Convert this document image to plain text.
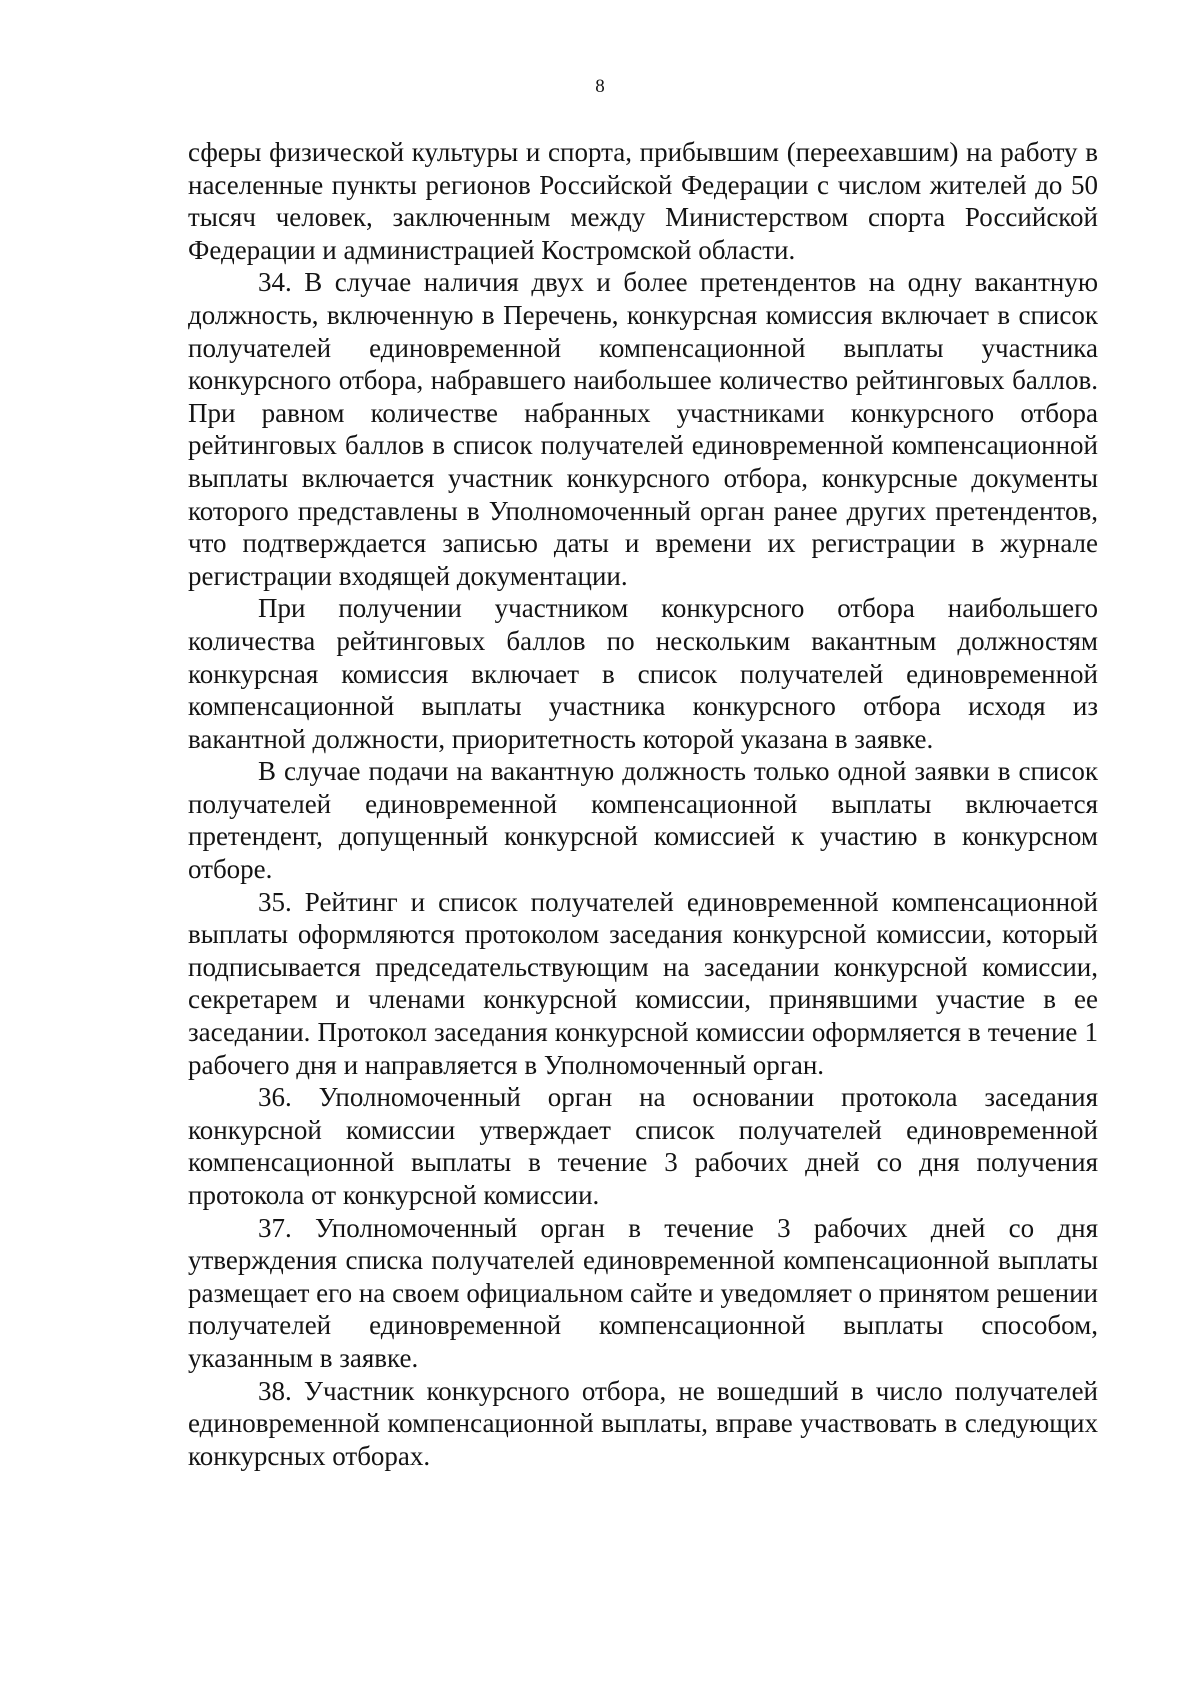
8

сферы физической культуры и спорта, прибывшим (переехавшим) на работу в населенные пункты регионов Российской Федерации с числом жителей до 50 тысяч человек, заключенным между Министерством спорта Российской Федерации и администрацией Костромской области.

34. В случае наличия двух и более претендентов на одну вакантную должность, включенную в Перечень, конкурсная комиссия включает в список получателей единовременной компенсационной выплаты участника конкурсного отбора, набравшего наибольшее количество рейтинговых баллов. При равном количестве набранных участниками конкурсного отбора рейтинговых баллов в список получателей единовременной компенсационной выплаты включается участник конкурсного отбора, конкурсные документы которого представлены в Уполномоченный орган ранее других претендентов, что подтверждается записью даты и времени их регистрации в журнале регистрации входящей документации.

При получении участником конкурсного отбора наибольшего количества рейтинговых баллов по нескольким вакантным должностям конкурсная комиссия включает в список получателей единовременной компенсационной выплаты участника конкурсного отбора исходя из вакантной должности, приоритетность которой указана в заявке.

В случае подачи на вакантную должность только одной заявки в список получателей единовременной компенсационной выплаты включается претендент, допущенный конкурсной комиссией к участию в конкурсном отборе.

35. Рейтинг и список получателей единовременной компенсационной выплаты оформляются протоколом заседания конкурсной комиссии, который подписывается председательствующим на заседании конкурсной комиссии, секретарем и членами конкурсной комиссии, принявшими участие в ее заседании. Протокол заседания конкурсной комиссии оформляется в течение 1 рабочего дня и направляется в Уполномоченный орган.

36. Уполномоченный орган на основании протокола заседания конкурсной комиссии утверждает список получателей единовременной компенсационной выплаты в течение 3 рабочих дней со дня получения протокола от конкурсной комиссии.

37. Уполномоченный орган в течение 3 рабочих дней со дня утверждения списка получателей единовременной компенсационной выплаты размещает его на своем официальном сайте и уведомляет о принятом решении получателей единовременной компенсационной выплаты способом, указанным в заявке.

38. Участник конкурсного отбора, не вошедший в число получателей единовременной компенсационной выплаты, вправе участвовать в следующих конкурсных отборах.
